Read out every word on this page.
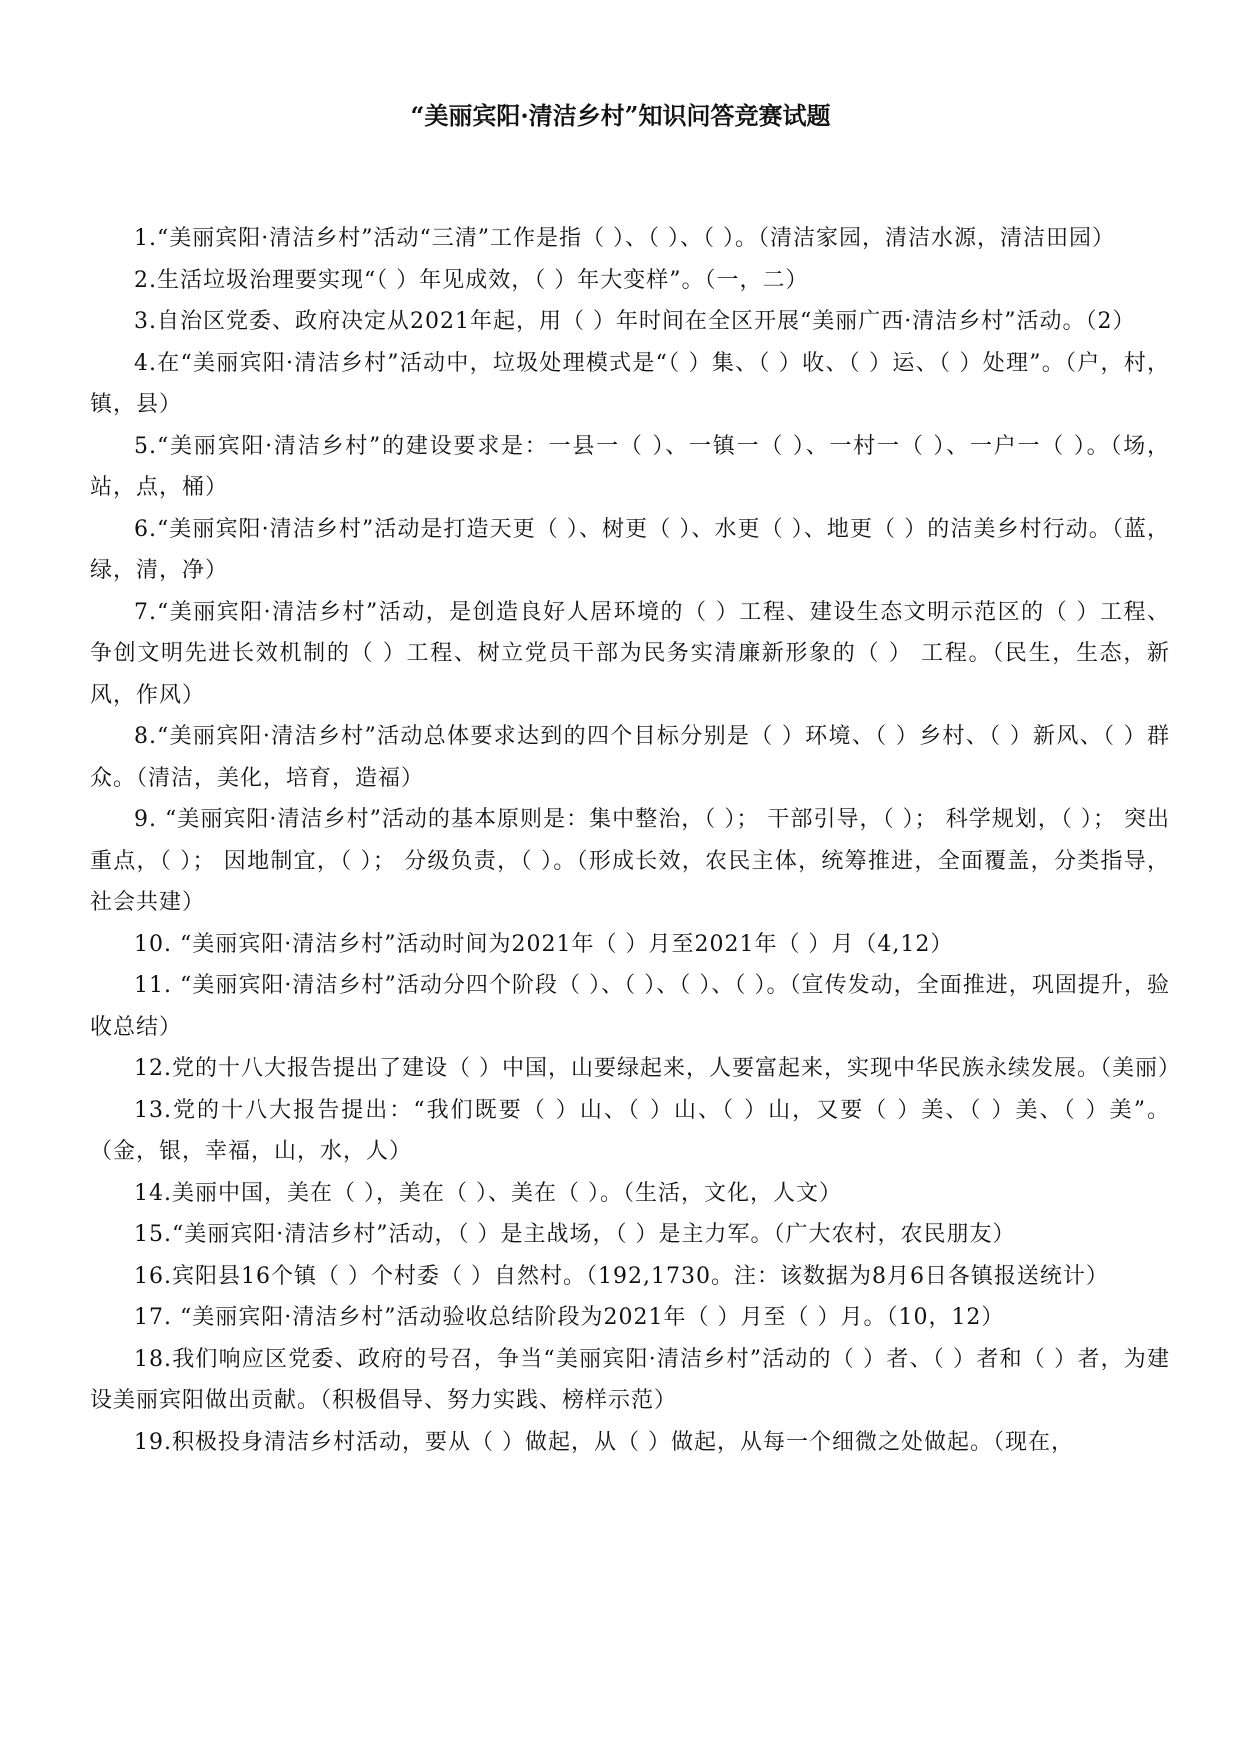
“美丽宾阳·清洁乡村”知识问答竞赛试题
1.“美丽宾阳·清洁乡村”活动“三清”工作是指（ ）、（ ）、（ ）。（清洁家园，清洁水源，清洁田园）
2.生活垃圾治理要实现“（ ）年见成效，（ ）年大变样”。（一，二）
3.自治区党委、政府决定从2021年起，用（ ）年时间在全区开展“美丽广西·清洁乡村”活动。（2）
4.在“美丽宾阳·清洁乡村”活动中，垃圾处理模式是“（ ）集、（ ）收、（ ）运、（ ）处理”。（户，村，镇，县）
5.“美丽宾阳·清洁乡村”的建设要求是：一县一（ ）、一镇一（ ）、一村一（ ）、一户一（ ）。（场，站，点，桶）
6.“美丽宾阳·清洁乡村”活动是打造天更（ ）、树更（ ）、水更（ ）、地更（ ）的洁美乡村行动。（蓝，绿，清，净）
7.“美丽宾阳·清洁乡村”活动，是创造良好人居环境的（ ）工程、建设生态文明示范区的（ ）工程、争创文明先进长效机制的（ ）工程、树立党员干部为民务实清廉新形象的（ ） 工程。（民生，生态，新风，作风）
8.“美丽宾阳·清洁乡村”活动总体要求达到的四个目标分别是（ ）环境、（ ）乡村、（ ）新风、（ ）群众。（清洁，美化，培育，造福）
9. “美丽宾阳·清洁乡村”活动的基本原则是：集中整治，（ ）； 干部引导，（ ）； 科学规划，（ ）； 突出重点，（ ）； 因地制宜，（ ）； 分级负责，（ ）。（形成长效，农民主体，统筹推进，全面覆盖，分类指导，社会共建）
10. “美丽宾阳·清洁乡村”活动时间为2021年（ ）月至2021年（ ）月（4,12）
11. “美丽宾阳·清洁乡村”活动分四个阶段（ ）、（ ）、（ ）、（ ）。（宣传发动，全面推进，巩固提升，验收总结）
12.党的十八大报告提出了建设（ ）中国，山要绿起来，人要富起来，实现中华民族永续发展。（美丽）
13.党的十八大报告提出：“我们既要（ ）山、（ ）山、（ ）山，又要（ ）美、（ ）美、（ ）美”。（金，银，幸福，山，水，人）
14.美丽中国，美在（ ），美在（ ）、美在（ ）。（生活，文化，人文）
15.“美丽宾阳·清洁乡村”活动，（ ）是主战场，（ ）是主力军。（广大农村，农民朋友）
16.宾阳县16个镇（ ）个村委（ ）自然村。（192,1730。注：该数据为8月6日各镇报送统计）
17. “美丽宾阳·清洁乡村”活动验收总结阶段为2021年（ ）月至（ ）月。（10，12）
18.我们响应区党委、政府的号召，争当“美丽宾阳·清洁乡村”活动的（ ）者、（ ）者和（ ）者，为建设美丽宾阳做出贡献。（积极倡导、努力实践、榜样示范）
19.积极投身清洁乡村活动，要从（ ）做起，从（ ）做起，从每一个细微之处做起。（现在，
